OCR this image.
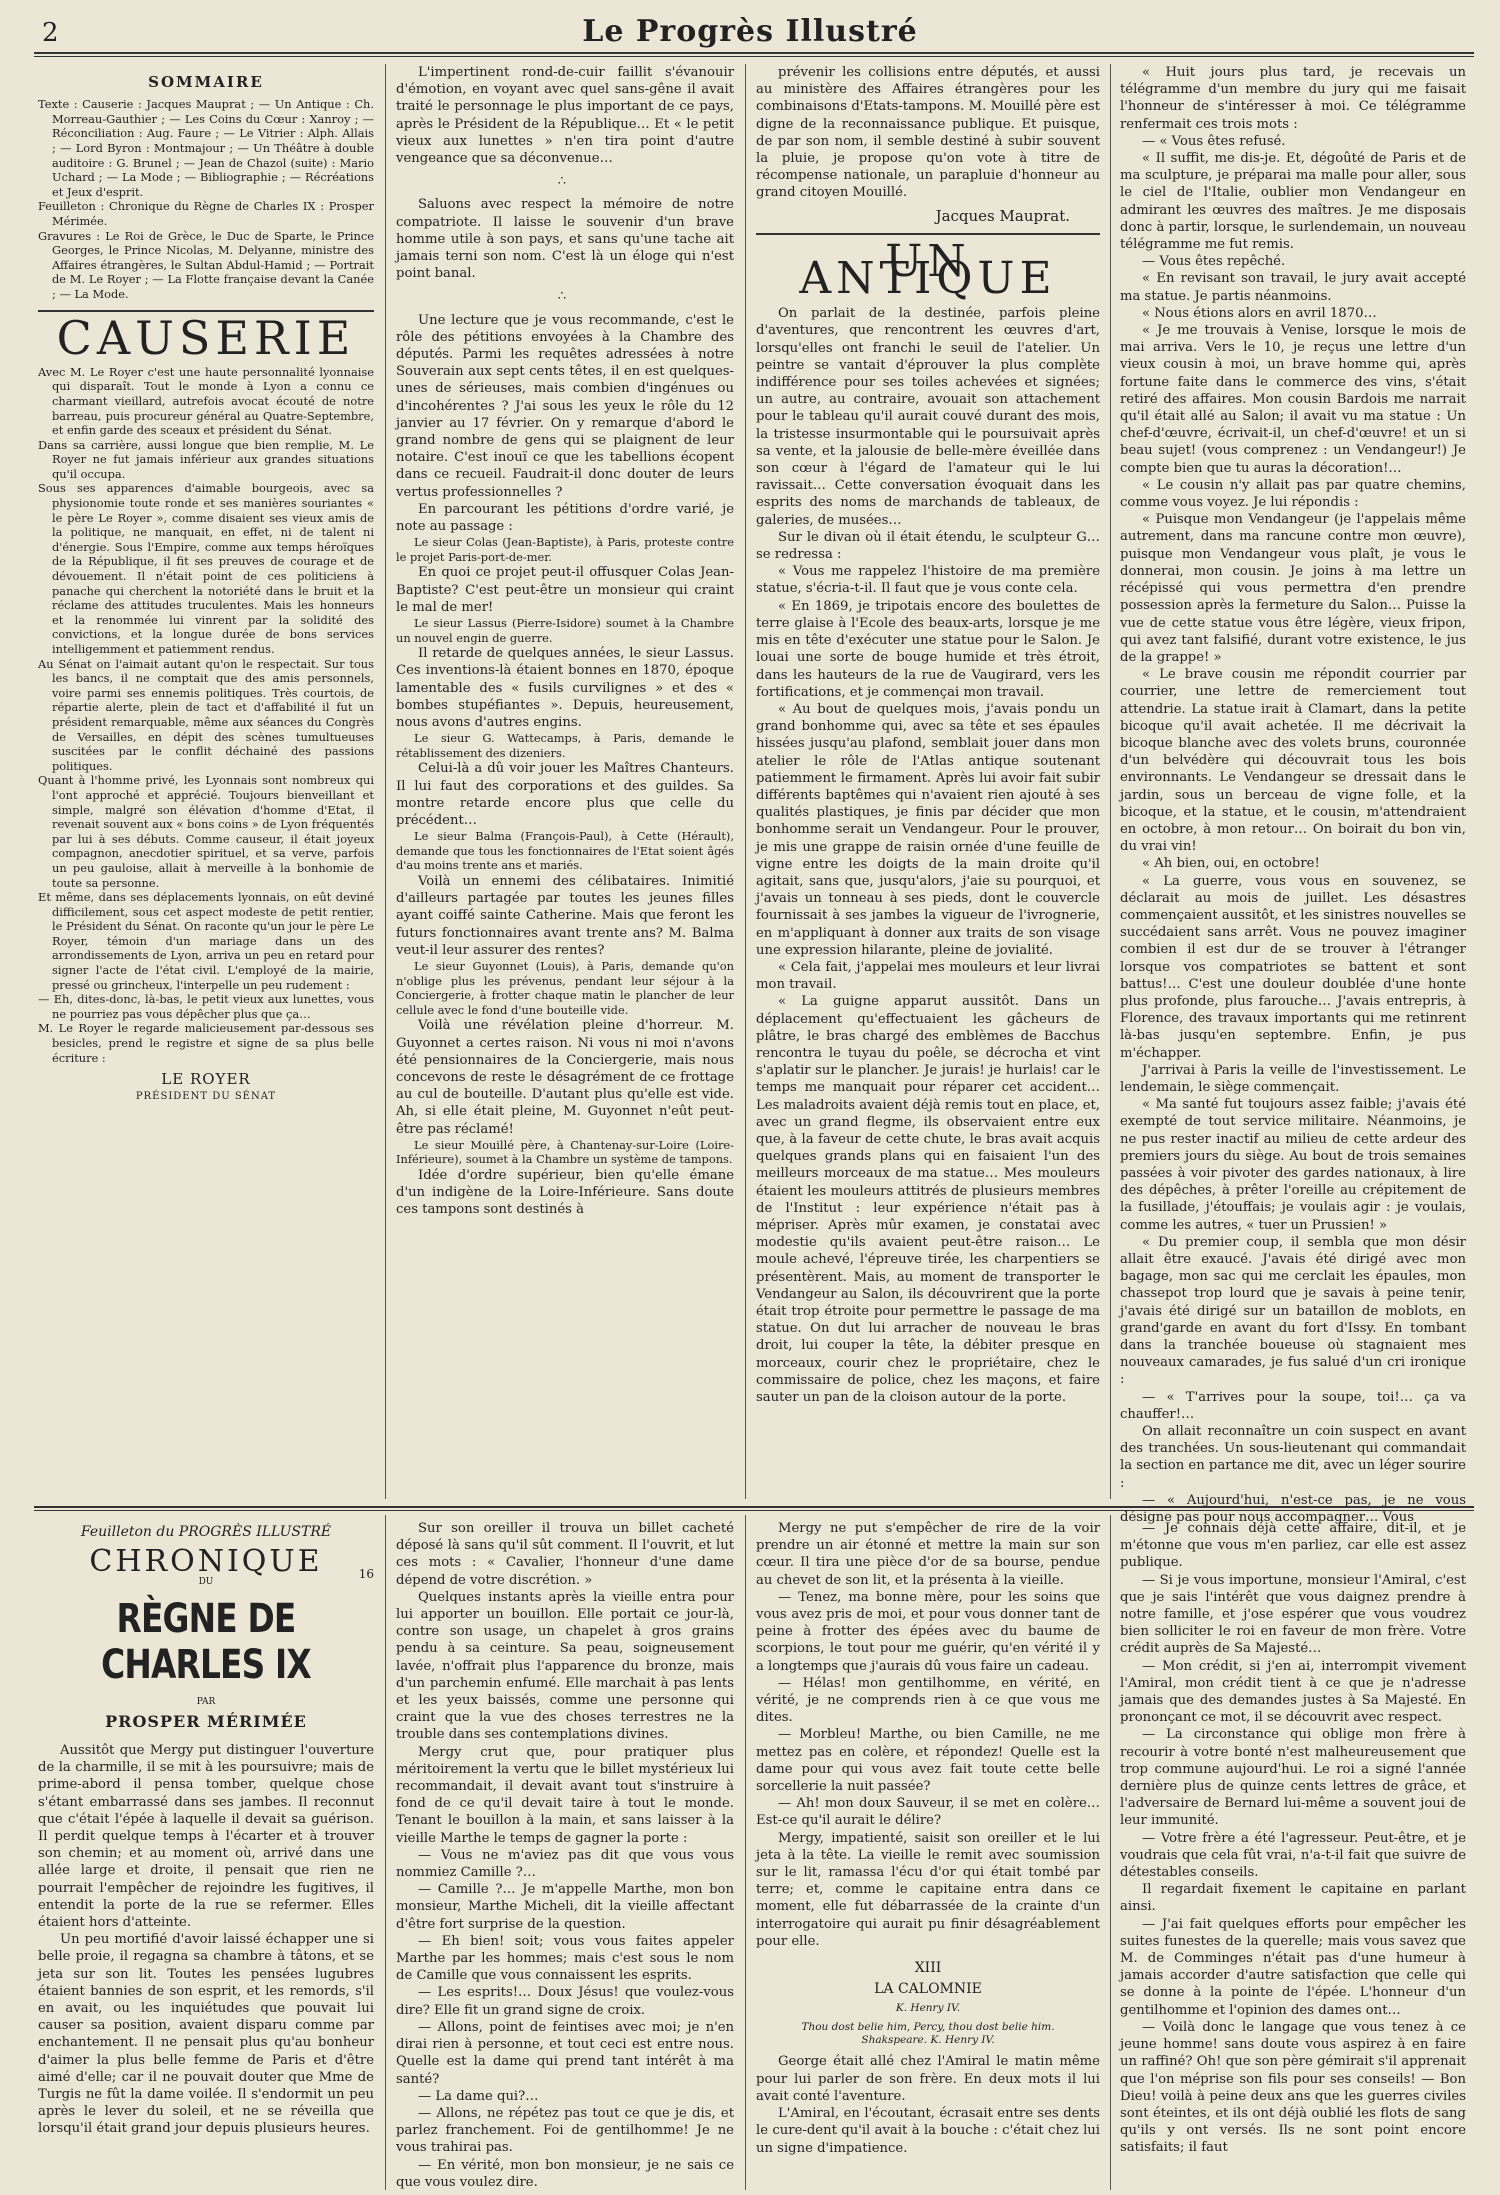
2	Le Progrès Illustré
SOMMAIRE

Texte : Causerie : Jacques Mauprat ; — Un Antique : Ch. Morreau-Gauthier ; — Les Coins du Cœur : Xanroy ; — Réconciliation : Aug. Faure ; — Le Vitrier : Alph. Allais ; — Lord Byron : Montmajour ; — Un Théâtre à double auditoire : G. Brunel ; — Jean de Chazol (suite) : Mario Uchard ; — La Mode ; — Bibliographie ; — Récréations et Jeux d'esprit.

Feuilleton : Chronique du Règne de Charles IX : Prosper Mérimée.

Gravures : Le Roi de Grèce, le Duc de Sparte, le Prince Georges, le Prince Nicolas, M. Delyanne, ministre des Affaires étrangères, le Sultan Abdul-Hamid ; — Portrait de M. Le Royer ; — La Flotte française devant la Canée ; — La Mode.

CAUSERIE

Avec M. Le Royer c'est une haute personnalité lyonnaise qui disparaît. Tout le monde à Lyon a connu ce charmant vieillard, autrefois avocat écouté de notre barreau, puis procureur général au Quatre-Septembre, et enfin garde des sceaux et président du Sénat.

Dans sa carrière, aussi longue que bien remplie, M. Le Royer ne fut jamais inférieur aux grandes situations qu'il occupa.

Sous ses apparences d'aimable bourgeois, avec sa physionomie toute ronde et ses manières souriantes « le père Le Royer », comme disaient ses vieux amis de la politique, ne manquait, en effet, ni de talent ni d'énergie. Sous l'Empire, comme aux temps héroïques de la République, il fit ses preuves de courage et de dévouement. Il n'était point de ces politiciens à panache qui cherchent la notoriété dans le bruit et la réclame des attitudes truculentes. Mais les honneurs et la renommée lui vinrent par la solidité des convictions, et la longue durée de bons services intelligemment et patiemment rendus.

Au Sénat on l'aimait autant qu'on le respectait. Sur tous les bancs, il ne comptait que des amis personnels, voire parmi ses ennemis politiques. Très courtois, de répartie alerte, plein de tact et d'affabilité il fut un président remarquable, même aux séances du Congrès de Versailles, en dépit des scènes tumultueuses suscitées par le conflit déchainé des passions politiques.

Quant à l'homme privé, les Lyonnais sont nombreux qui l'ont approché et apprécié. Toujours bienveillant et simple, malgré son élévation d'homme d'Etat, il revenait souvent aux « bons coins » de Lyon fréquentés par lui à ses débuts. Comme causeur, il était joyeux compagnon, anecdotier spirituel, et sa verve, parfois un peu gauloise, allait à merveille à la bonhomie de toute sa personne.

Et même, dans ses déplacements lyonnais, on eût deviné difficilement, sous cet aspect modeste de petit rentier, le Président du Sénat. On raconte qu'un jour le père Le Royer, témoin d'un mariage dans un des arrondissements de Lyon, arriva un peu en retard pour signer l'acte de l'état civil. L'employé de la mairie, pressé ou grincheux, l'interpelle un peu rudement :

— Eh, dites-donc, là-bas, le petit vieux aux lunettes, vous ne pourriez pas vous dépêcher plus que ça…

M. Le Royer le regarde malicieusement par-dessous ses besicles, prend le registre et signe de sa plus belle écriture :

LE ROYER
PRÉSIDENT DU SÉNAT

L'impertinent rond-de-cuir faillit s'évanouir d'émotion, en voyant avec quel sans-gêne il avait traité le personnage le plus important de ce pays, après le Président de la République… Et « le petit vieux aux lunettes » n'en tira point d'autre vengeance que sa déconvenue…

∴

Saluons avec respect la mémoire de notre compatriote. Il laisse le souvenir d'un brave homme utile à son pays, et sans qu'une tache ait jamais terni son nom. C'est là un éloge qui n'est point banal.

∴

Une lecture que je vous recommande, c'est le rôle des pétitions envoyées à la Chambre des députés. Parmi les requêtes adressées à notre Souverain aux sept cents têtes, il en est quelques-unes de sérieuses, mais combien d'ingénues ou d'incohérentes ? J'ai sous les yeux le rôle du 12 janvier au 17 février. On y remarque d'abord le grand nombre de gens qui se plaignent de leur notaire. C'est inouï ce que les tabellions écopent dans ce recueil. Faudrait-il donc douter de leurs vertus professionnelles ?

En parcourant les pétitions d'ordre varié, je note au passage :

Le sieur Colas (Jean-Baptiste), à Paris, proteste contre le projet Paris-port-de-mer.

En quoi ce projet peut-il offusquer Colas Jean-Baptiste? C'est peut-être un monsieur qui craint le mal de mer!

Le sieur Lassus (Pierre-Isidore) soumet à la Chambre un nouvel engin de guerre.

Il retarde de quelques années, le sieur Lassus. Ces inventions-là étaient bonnes en 1870, époque lamentable des « fusils curvilignes » et des « bombes stupéfiantes ». Depuis, heureusement, nous avons d'autres engins.

Le sieur G. Wattecamps, à Paris, demande le rétablissement des dizeniers.

Celui-là a dû voir jouer les Maîtres Chanteurs. Il lui faut des corporations et des guildes. Sa montre retarde encore plus que celle du précédent…

Le sieur Balma (François-Paul), à Cette (Hérault), demande que tous les fonctionnaires de l'Etat soient âgés d'au moins trente ans et mariés.

Voilà un ennemi des célibataires. Inimitié d'ailleurs partagée par toutes les jeunes filles ayant coiffé sainte Catherine. Mais que feront les futurs fonctionnaires avant trente ans? M. Balma veut-il leur assurer des rentes?

Le sieur Guyonnet (Louis), à Paris, demande qu'on n'oblige plus les prévenus, pendant leur séjour à la Conciergerie, à frotter chaque matin le plancher de leur cellule avec le fond d'une bouteille vide.

Voilà une révélation pleine d'horreur. M. Guyonnet a certes raison. Ni vous ni moi n'avons été pensionnaires de la Conciergerie, mais nous concevons de reste le désagrément de ce frottage au cul de bouteille. D'autant plus qu'elle est vide. Ah, si elle était pleine, M. Guyonnet n'eût peut-être pas réclamé!

Le sieur Mouillé père, à Chantenay-sur-Loire (Loire-Inférieure), soumet à la Chambre un système de tampons.

Idée d'ordre supérieur, bien qu'elle émane d'un indigène de la Loire-Inférieure. Sans doute ces tampons sont destinés à

prévenir les collisions entre députés, et aussi au ministère des Affaires étrangères pour les combinaisons d'Etats-tampons. M. Mouillé père est digne de la reconnaissance publique. Et puisque, de par son nom, il semble destiné à subir souvent la pluie, je propose qu'on vote à titre de récompense nationale, un parapluie d'honneur au grand citoyen Mouillé.

Jacques Mauprat.
UN ANTIQUE

On parlait de la destinée, parfois pleine d'aventures, que rencontrent les œuvres d'art, lorsqu'elles ont franchi le seuil de l'atelier. Un peintre se vantait d'éprouver la plus complète indifférence pour ses toiles achevées et signées; un autre, au contraire, avouait son attachement pour le tableau qu'il aurait couvé durant des mois, la tristesse insurmontable qui le poursuivait après sa vente, et la jalousie de belle-mère éveillée dans son cœur à l'égard de l'amateur qui le lui ravissait… Cette conversation évoquait dans les esprits des noms de marchands de tableaux, de galeries, de musées…

Sur le divan où il était étendu, le sculpteur G… se redressa :

« Vous me rappelez l'histoire de ma première statue, s'écria-t-il. Il faut que je vous conte cela.

« En 1869, je tripotais encore des boulettes de terre glaise à l'Ecole des beaux-arts, lorsque je me mis en tête d'exécuter une statue pour le Salon. Je louai une sorte de bouge humide et très étroit, dans les hauteurs de la rue de Vaugirard, vers les fortifications, et je commençai mon travail.

« Au bout de quelques mois, j'avais pondu un grand bonhomme qui, avec sa tête et ses épaules hissées jusqu'au plafond, semblait jouer dans mon atelier le rôle de l'Atlas antique soutenant patiemment le firmament. Après lui avoir fait subir différents baptêmes qui n'avaient rien ajouté à ses qualités plastiques, je finis par décider que mon bonhomme serait un Vendangeur. Pour le prouver, je mis une grappe de raisin ornée d'une feuille de vigne entre les doigts de la main droite qu'il agitait, sans que, jusqu'alors, j'aie su pourquoi, et j'avais un tonneau à ses pieds, dont le couvercle fournissait à ses jambes la vigueur de l'ivrognerie, en m'appliquant à donner aux traits de son visage une expression hilarante, pleine de jovialité.

« Cela fait, j'appelai mes mouleurs et leur livrai mon travail.

« La guigne apparut aussitôt. Dans un déplacement qu'effectuaient les gâcheurs de plâtre, le bras chargé des emblèmes de Bacchus rencontra le tuyau du poêle, se décrocha et vint s'aplatir sur le plancher. Je jurais! je hurlais! car le temps me manquait pour réparer cet accident… Les maladroits avaient déjà remis tout en place, et, avec un grand flegme, ils observaient entre eux que, à la faveur de cette chute, le bras avait acquis quelques grands plans qui en faisaient l'un des meilleurs morceaux de ma statue… Mes mouleurs étaient les mouleurs attitrés de plusieurs membres de l'Institut : leur expérience n'était pas à mépriser. Après mûr examen, je constatai avec modestie qu'ils avaient peut-être raison… Le moule achevé, l'épreuve tirée, les charpentiers se présentèrent. Mais, au moment de transporter le Vendangeur au Salon, ils découvrirent que la porte était trop étroite pour permettre le passage de ma statue. On dut lui arracher de nouveau le bras droit, lui couper la tête, la débiter presque en morceaux, courir chez le propriétaire, chez le commissaire de police, chez les maçons, et faire sauter un pan de la cloison autour de la porte.

« Huit jours plus tard, je recevais un télégramme d'un membre du jury qui me faisait l'honneur de s'intéresser à moi. Ce télégramme renfermait ces trois mots :

— « Vous êtes refusé.

« Il suffit, me dis-je. Et, dégoûté de Paris et de ma sculpture, je préparai ma malle pour aller, sous le ciel de l'Italie, oublier mon Vendangeur en admirant les œuvres des maîtres. Je me disposais donc à partir, lorsque, le surlendemain, un nouveau télégramme me fut remis.

— Vous êtes repêché.

« En revisant son travail, le jury avait accepté ma statue. Je partis néanmoins.

« Nous étions alors en avril 1870…

« Je me trouvais à Venise, lorsque le mois de mai arriva. Vers le 10, je reçus une lettre d'un vieux cousin à moi, un brave homme qui, après fortune faite dans le commerce des vins, s'était retiré des affaires. Mon cousin Bardois me narrait qu'il était allé au Salon; il avait vu ma statue : Un chef-d'œuvre, écrivait-il, un chef-d'œuvre! et un si beau sujet! (vous comprenez : un Vendangeur!) Je compte bien que tu auras la décoration!…

« Le cousin n'y allait pas par quatre chemins, comme vous voyez. Je lui répondis :

« Puisque mon Vendangeur (je l'appelais même autrement, dans ma rancune contre mon œuvre), puisque mon Vendangeur vous plaît, je vous le donnerai, mon cousin. Je joins à ma lettre un récépissé qui vous permettra d'en prendre possession après la fermeture du Salon… Puisse la vue de cette statue vous être légère, vieux fripon, qui avez tant falsifié, durant votre existence, le jus de la grappe! »

« Le brave cousin me répondit courrier par courrier, une lettre de remerciement tout attendrie. La statue irait à Clamart, dans la petite bicoque qu'il avait achetée. Il me décrivait la bicoque blanche avec des volets bruns, couronnée d'un belvédère qui découvrait tous les bois environnants. Le Vendangeur se dressait dans le jardin, sous un berceau de vigne folle, et la bicoque, et la statue, et le cousin, m'attendraient en octobre, à mon retour… On boirait du bon vin, du vrai vin!

« Ah bien, oui, en octobre!

« La guerre, vous vous en souvenez, se déclarait au mois de juillet. Les désastres commençaient aussitôt, et les sinistres nouvelles se succédaient sans arrêt. Vous ne pouvez imaginer combien il est dur de se trouver à l'étranger lorsque vos compatriotes se battent et sont battus!… C'est une douleur doublée d'une honte plus profonde, plus farouche… J'avais entrepris, à Florence, des travaux importants qui me retinrent là-bas jusqu'en septembre. Enfin, je pus m'échapper.

J'arrivai à Paris la veille de l'investissement. Le lendemain, le siège commençait.

« Ma santé fut toujours assez faible; j'avais été exempté de tout service militaire. Néanmoins, je ne pus rester inactif au milieu de cette ardeur des premiers jours du siège. Au bout de trois semaines passées à voir pivoter des gardes nationaux, à lire des dépêches, à prêter l'oreille au crépitement de la fusillade, j'étouffais; je voulais agir : je voulais, comme les autres, « tuer un Prussien! »

« Du premier coup, il sembla que mon désir allait être exaucé. J'avais été dirigé avec mon bagage, mon sac qui me cerclait les épaules, mon chassepot trop lourd que je savais à peine tenir, j'avais été dirigé sur un bataillon de moblots, en grand'garde en avant du fort d'Issy. En tombant dans la tranchée boueuse où stagnaient mes nouveaux camarades, je fus salué d'un cri ironique :

— « T'arrives pour la soupe, toi!… ça va chauffer!…

On allait reconnaître un coin suspect en avant des tranchées. Un sous-lieutenant qui commandait la section en partance me dit, avec un léger sourire :

— « Aujourd'hui, n'est-ce pas, je ne vous désigne pas pour nous accompagner… Vous

Feuilleton du PROGRÈS ILLUSTRÉ
16
CHRONIQUE
DU
RÈGNE DE CHARLES IX
PAR
PROSPER MÉRIMÉE

Aussitôt que Mergy put distinguer l'ouverture de la charmille, il se mit à les poursuivre; mais de prime-abord il pensa tomber, quelque chose s'étant embarrassé dans ses jambes. Il reconnut que c'était l'épée à laquelle il devait sa guérison. Il perdit quelque temps à l'écarter et à trouver son chemin; et au moment où, arrivé dans une allée large et droite, il pensait que rien ne pourrait l'empêcher de rejoindre les fugitives, il entendit la porte de la rue se refermer. Elles étaient hors d'atteinte.

Un peu mortifié d'avoir laissé échapper une si belle proie, il regagna sa chambre à tâtons, et se jeta sur son lit. Toutes les pensées lugubres étaient bannies de son esprit, et les remords, s'il en avait, ou les inquiétudes que pouvait lui causer sa position, avaient disparu comme par enchantement. Il ne pensait plus qu'au bonheur d'aimer la plus belle femme de Paris et d'être aimé d'elle; car il ne pouvait douter que Mme de Turgis ne fût la dame voilée. Il s'endormit un peu après le lever du soleil, et ne se réveilla que lorsqu'il était grand jour depuis plusieurs heures.

Sur son oreiller il trouva un billet cacheté déposé là sans qu'il sût comment. Il l'ouvrit, et lut ces mots : « Cavalier, l'honneur d'une dame dépend de votre discrétion. »

Quelques instants après la vieille entra pour lui apporter un bouillon. Elle portait ce jour-là, contre son usage, un chapelet à gros grains pendu à sa ceinture. Sa peau, soigneusement lavée, n'offrait plus l'apparence du bronze, mais d'un parchemin enfumé. Elle marchait à pas lents et les yeux baissés, comme une personne qui craint que la vue des choses terrestres ne la trouble dans ses contemplations divines.

Mergy crut que, pour pratiquer plus méritoirement la vertu que le billet mystérieux lui recommandait, il devait avant tout s'instruire à fond de ce qu'il devait taire à tout le monde. Tenant le bouillon à la main, et sans laisser à la vieille Marthe le temps de gagner la porte :

— Vous ne m'aviez pas dit que vous vous nommiez Camille ?…

— Camille ?… Je m'appelle Marthe, mon bon monsieur, Marthe Micheli, dit la vieille affectant d'être fort surprise de la question.

— Eh bien! soit; vous vous faites appeler Marthe par les hommes; mais c'est sous le nom de Camille que vous connaissent les esprits.

— Les esprits!… Doux Jésus! que voulez-vous dire? Elle fit un grand signe de croix.

— Allons, point de feintises avec moi; je n'en dirai rien à personne, et tout ceci est entre nous. Quelle est la dame qui prend tant intérêt à ma santé?

— La dame qui?…

— Allons, ne répétez pas tout ce que je dis, et parlez franchement. Foi de gentilhomme! Je ne vous trahirai pas.

— En vérité, mon bon monsieur, je ne sais ce que vous voulez dire.

Mergy ne put s'empêcher de rire de la voir prendre un air étonné et mettre la main sur son cœur. Il tira une pièce d'or de sa bourse, pendue au chevet de son lit, et la présenta à la vieille.

— Tenez, ma bonne mère, pour les soins que vous avez pris de moi, et pour vous donner tant de peine à frotter des épées avec du baume de scorpions, le tout pour me guérir, qu'en vérité il y a longtemps que j'aurais dû vous faire un cadeau.

— Hélas! mon gentilhomme, en vérité, en vérité, je ne comprends rien à ce que vous me dites.

— Morbleu! Marthe, ou bien Camille, ne me mettez pas en colère, et répondez! Quelle est la dame pour qui vous avez fait toute cette belle sorcellerie la nuit passée?

— Ah! mon doux Sauveur, il se met en colère… Est-ce qu'il aurait le délire?

Mergy, impatienté, saisit son oreiller et le lui jeta à la tête. La vieille le remit avec soumission sur le lit, ramassa l'écu d'or qui était tombé par terre; et, comme le capitaine entra dans ce moment, elle fut débarrassée de la crainte d'un interrogatoire qui aurait pu finir désagréablement pour elle.

XIII
LA CALOMNIE
K. Henry IV.
Thou dost belie him, Percy, thou dost belie him.
Shakspeare. K. Henry IV.

George était allé chez l'Amiral le matin même pour lui parler de son frère. En deux mots il lui avait conté l'aventure.

L'Amiral, en l'écoutant, écrasait entre ses dents le cure-dent qu'il avait à la bouche : c'était chez lui un signe d'impatience.

— Je connais déjà cette affaire, dit-il, et je m'étonne que vous m'en parliez, car elle est assez publique.

— Si je vous importune, monsieur l'Amiral, c'est que je sais l'intérêt que vous daignez prendre à notre famille, et j'ose espérer que vous voudrez bien solliciter le roi en faveur de mon frère. Votre crédit auprès de Sa Majesté…

— Mon crédit, si j'en ai, interrompit vivement l'Amiral, mon crédit tient à ce que je n'adresse jamais que des demandes justes à Sa Majesté. En prononçant ce mot, il se découvrit avec respect.

— La circonstance qui oblige mon frère à recourir à votre bonté n'est malheureusement que trop commune aujourd'hui. Le roi a signé l'année dernière plus de quinze cents lettres de grâce, et l'adversaire de Bernard lui-même a souvent joui de leur immunité.

— Votre frère a été l'agresseur. Peut-être, et je voudrais que cela fût vrai, n'a-t-il fait que suivre de détestables conseils.

Il regardait fixement le capitaine en parlant ainsi.

— J'ai fait quelques efforts pour empêcher les suites funestes de la querelle; mais vous savez que M. de Comminges n'était pas d'une humeur à jamais accorder d'autre satisfaction que celle qui se donne à la pointe de l'épée. L'honneur d'un gentilhomme et l'opinion des dames ont…

— Voilà donc le langage que vous tenez à ce jeune homme! sans doute vous aspirez à en faire un raffiné? Oh! que son père gémirait s'il apprenait que l'on méprise son fils pour ses conseils! — Bon Dieu! voilà à peine deux ans que les guerres civiles sont éteintes, et ils ont déjà oublié les flots de sang qu'ils y ont versés. Ils ne sont point encore satisfaits; il faut
